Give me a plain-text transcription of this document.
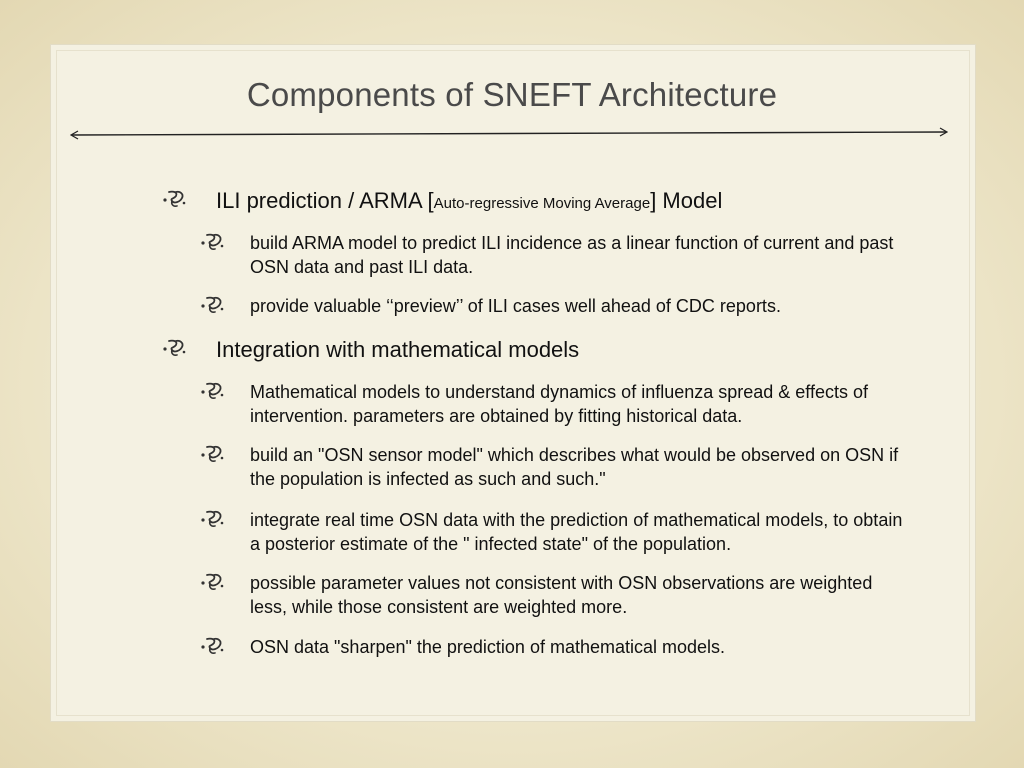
Components of SNEFT Architecture
ILI prediction / ARMA [Auto-regressive Moving Average] Model
build ARMA model to predict ILI incidence as a linear function of current and past OSN data and past ILI data.
provide valuable ‘‘preview’’ of ILI cases well ahead of CDC reports.
Integration with mathematical models
Mathematical models to understand dynamics of influenza spread & effects of intervention. parameters are obtained by fitting historical data.
build an "OSN sensor model" which describes what would be observed on OSN if the population is infected as such and such."
integrate real time OSN data with the prediction of mathematical models, to obtain a posterior estimate of the " infected state" of the population.
possible parameter values not consistent with OSN observations are weighted less, while those consistent are weighted more.
OSN data "sharpen" the prediction of mathematical models.
